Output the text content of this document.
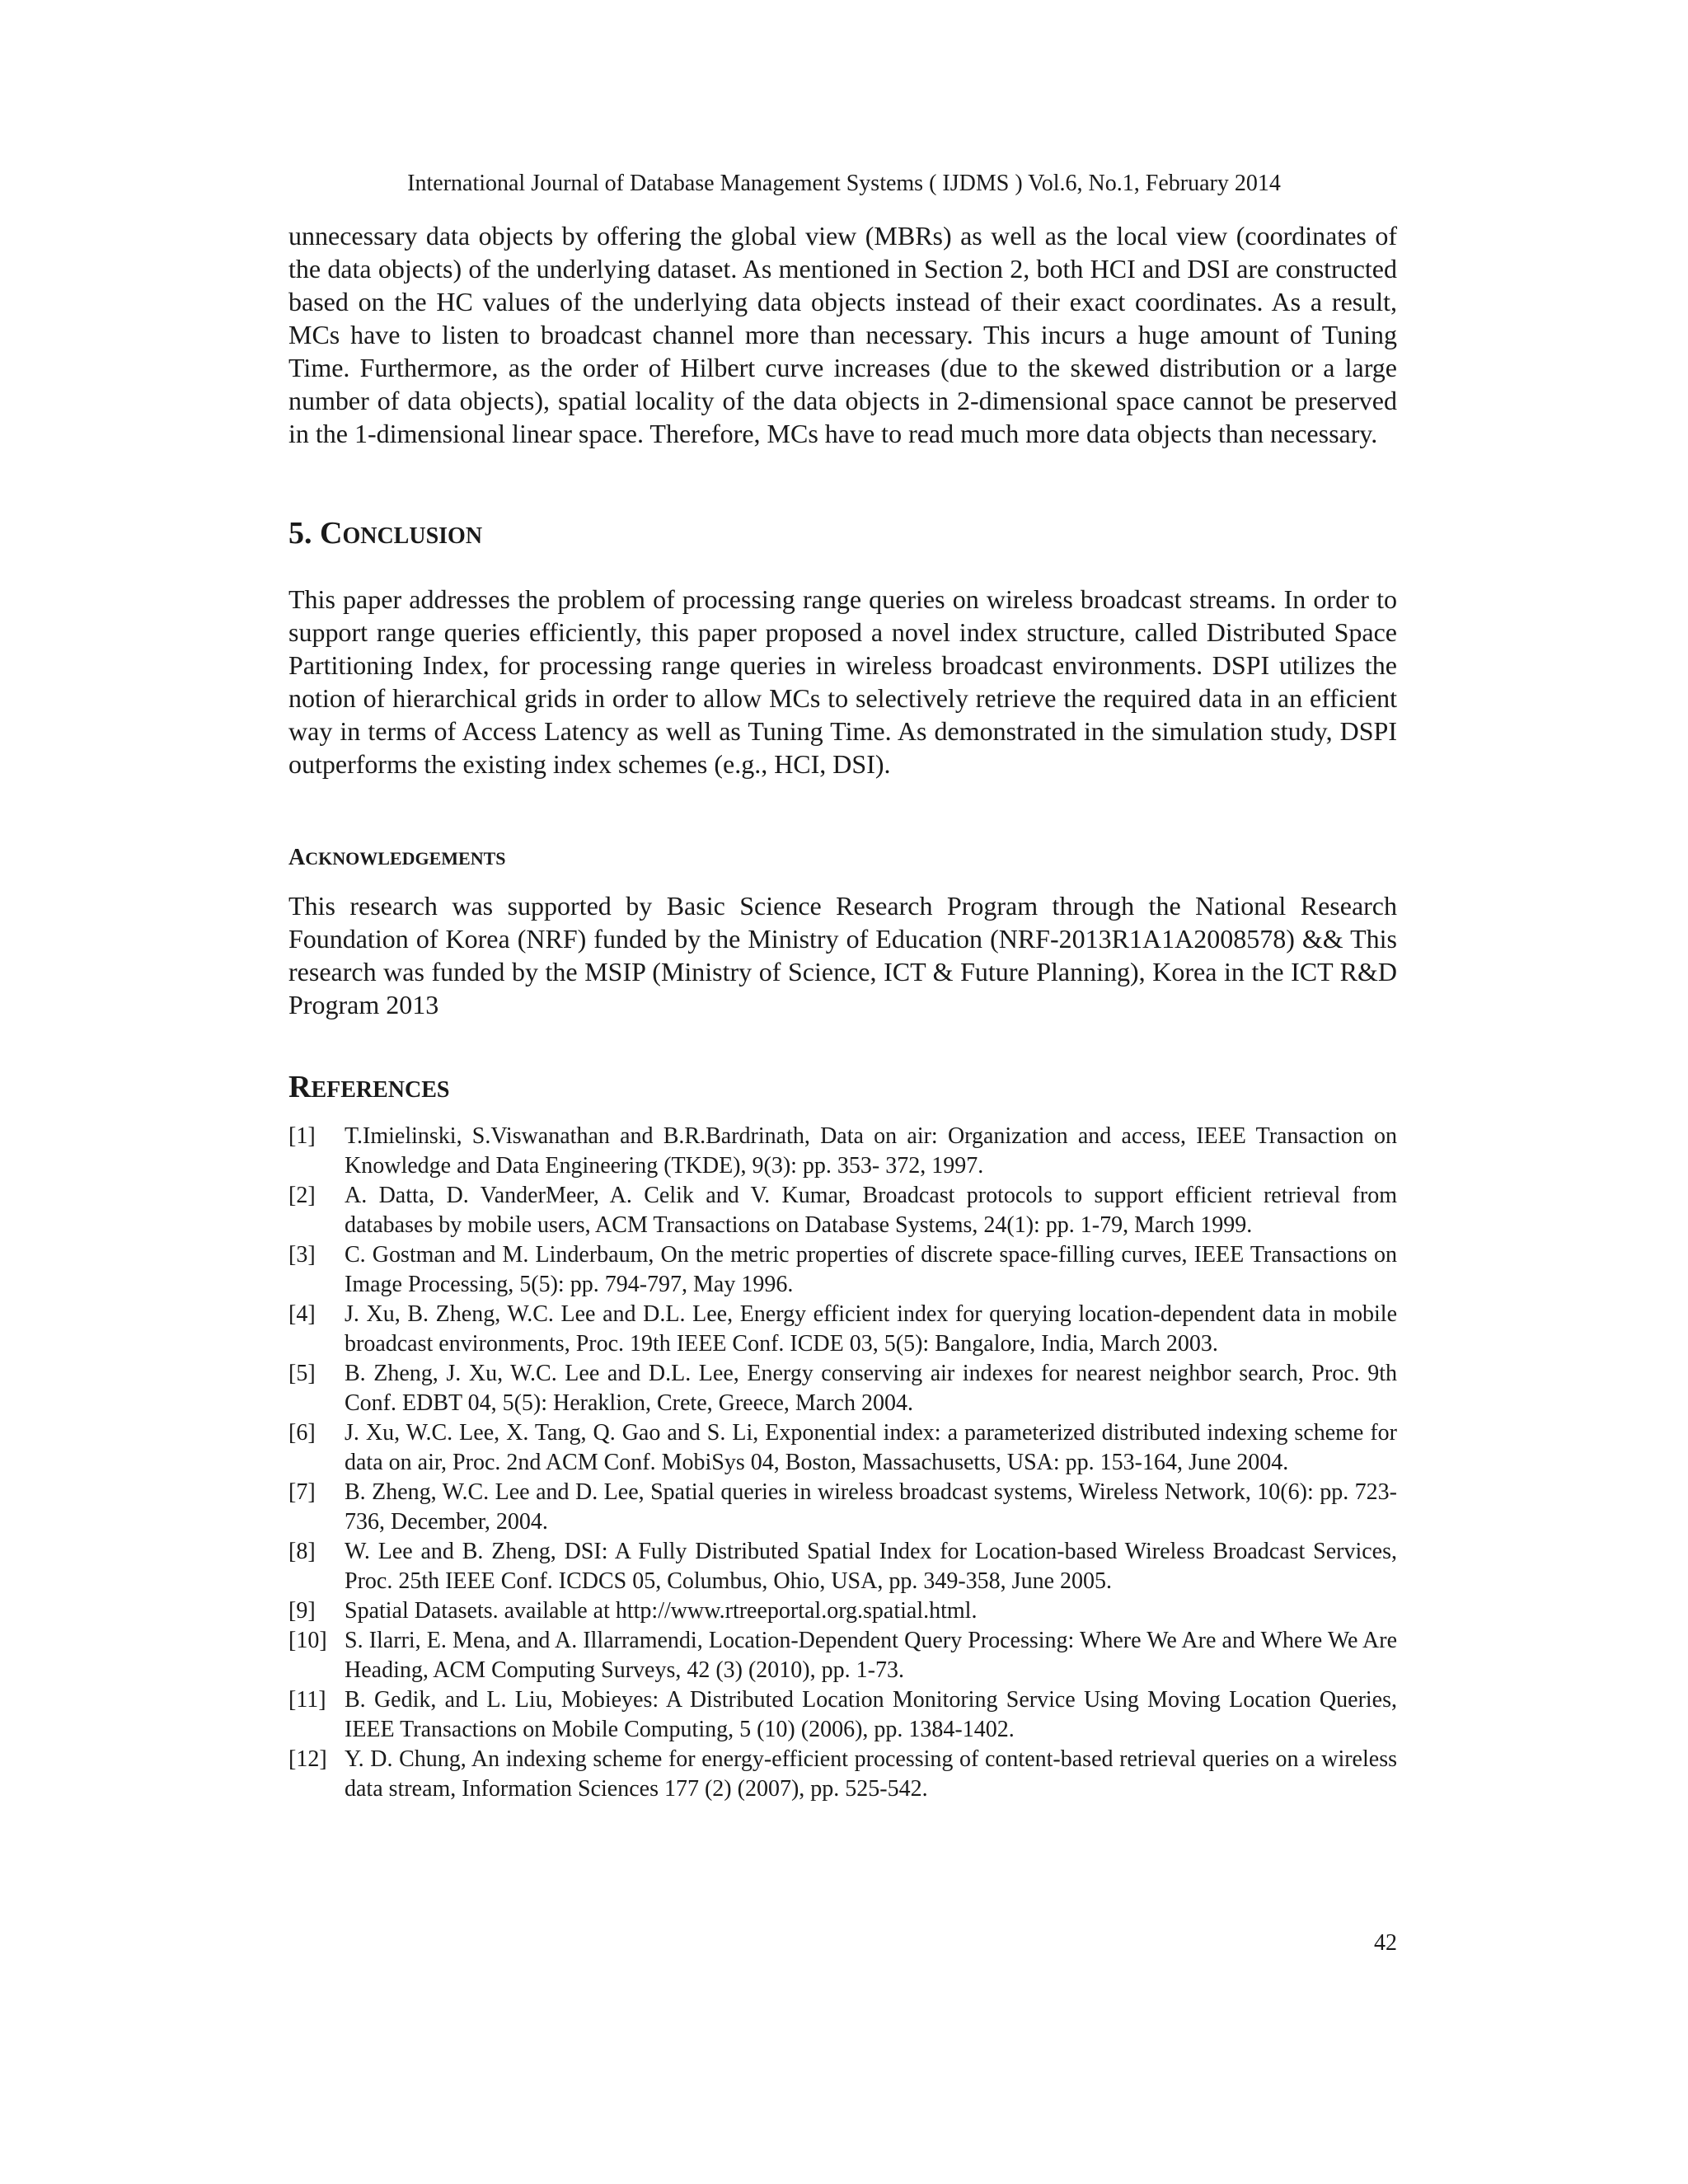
International Journal of Database Management Systems ( IJDMS ) Vol.6, No.1, February 2014

unnecessary data objects by offering the global view (MBRs) as well as the local view (coordinates of the data objects) of the underlying dataset. As mentioned in Section 2, both HCI and DSI are constructed based on the HC values of the underlying data objects instead of their exact coordinates. As a result, MCs have to listen to broadcast channel more than necessary. This incurs a huge amount of Tuning Time. Furthermore, as the order of Hilbert curve increases (due to the skewed distribution or a large number of data objects), spatial locality of the data objects in 2-dimensional space cannot be preserved in the 1-dimensional linear space. Therefore, MCs have to read much more data objects than necessary.

5. CONCLUSION

This paper addresses the problem of processing range queries on wireless broadcast streams. In order to support range queries efficiently, this paper proposed a novel index structure, called Distributed Space Partitioning Index, for processing range queries in wireless broadcast environments. DSPI utilizes the notion of hierarchical grids in order to allow MCs to selectively retrieve the required data in an efficient way in terms of Access Latency as well as Tuning Time. As demonstrated in the simulation study, DSPI outperforms the existing index schemes (e.g., HCI, DSI).

ACKNOWLEDGEMENTS

This research was supported by Basic Science Research Program through the National Research Foundation of Korea (NRF) funded by the Ministry of Education (NRF-2013R1A1A2008578) && This research was funded by the MSIP (Ministry of Science, ICT & Future Planning), Korea in the ICT R&D Program 2013

REFERENCES
[1] T.Imielinski, S.Viswanathan and B.R.Bardrinath, Data on air: Organization and access, IEEE Transaction on Knowledge and Data Engineering (TKDE), 9(3): pp. 353- 372, 1997.
[2] A. Datta, D. VanderMeer, A. Celik and V. Kumar, Broadcast protocols to support efficient retrieval from databases by mobile users, ACM Transactions on Database Systems, 24(1): pp. 1-79, March 1999.
[3] C. Gostman and M. Linderbaum, On the metric properties of discrete space-filling curves, IEEE Transactions on Image Processing, 5(5): pp. 794-797, May 1996.
[4] J. Xu, B. Zheng, W.C. Lee and D.L. Lee, Energy efficient index for querying location-dependent data in mobile broadcast environments, Proc. 19th IEEE Conf. ICDE 03, 5(5): Bangalore, India, March 2003.
[5] B. Zheng, J. Xu, W.C. Lee and D.L. Lee, Energy conserving air indexes for nearest neighbor search, Proc. 9th Conf. EDBT 04, 5(5): Heraklion, Crete, Greece, March 2004.
[6] J. Xu, W.C. Lee, X. Tang, Q. Gao and S. Li, Exponential index: a parameterized distributed indexing scheme for data on air, Proc. 2nd ACM Conf. MobiSys 04, Boston, Massachusetts, USA: pp. 153-164, June 2004.
[7] B. Zheng, W.C. Lee and D. Lee, Spatial queries in wireless broadcast systems, Wireless Network, 10(6): pp. 723-736, December, 2004.
[8] W. Lee and B. Zheng, DSI: A Fully Distributed Spatial Index for Location-based Wireless Broadcast Services, Proc. 25th IEEE Conf. ICDCS 05, Columbus, Ohio, USA, pp. 349-358, June 2005.
[9] Spatial Datasets. available at http://www.rtreeportal.org.spatial.html.
[10] S. Ilarri, E. Mena, and A. Illarramendi, Location-Dependent Query Processing: Where We Are and Where We Are Heading, ACM Computing Surveys, 42 (3) (2010), pp. 1-73.
[11] B. Gedik, and L. Liu, Mobieyes: A Distributed Location Monitoring Service Using Moving Location Queries, IEEE Transactions on Mobile Computing, 5 (10) (2006), pp. 1384-1402.
[12] Y. D. Chung, An indexing scheme for energy-efficient processing of content-based retrieval queries on a wireless data stream, Information Sciences 177 (2) (2007), pp. 525-542.
42
